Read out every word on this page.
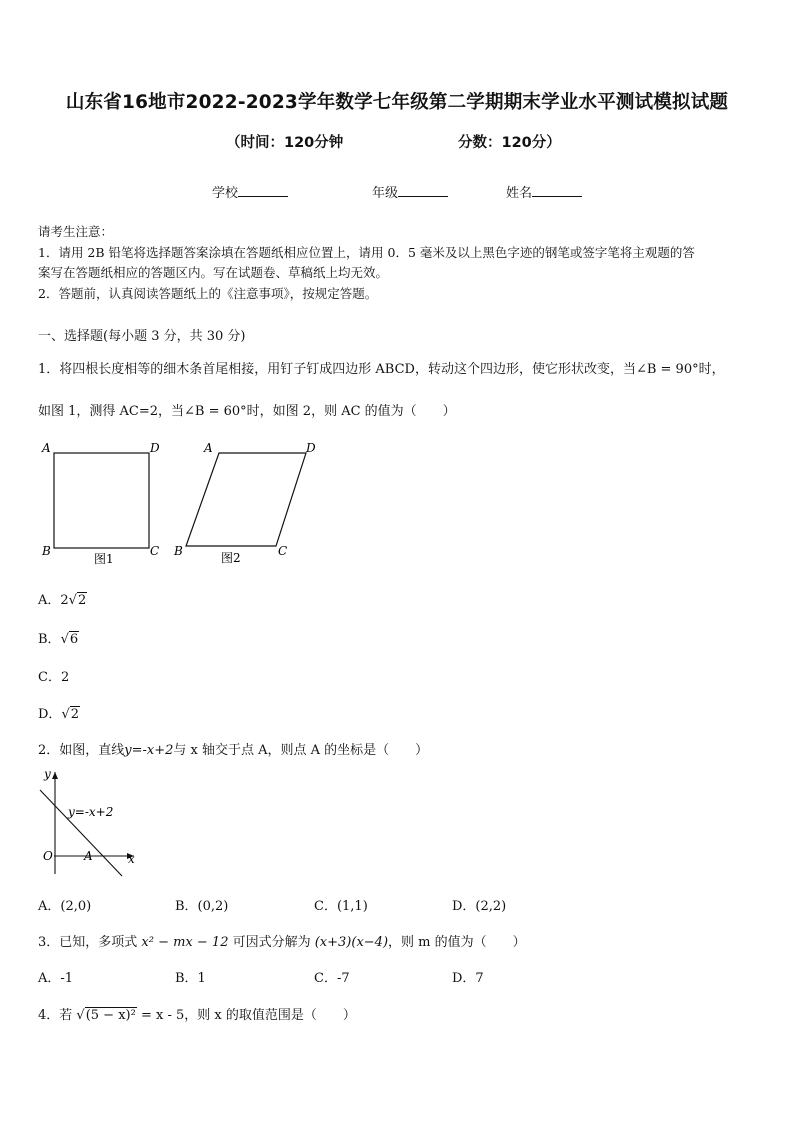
山东省16地市2022-2023学年数学七年级第二学期期末学业水平测试模拟试题
（时间：120分钟	分数：120分）
学校	年级	姓名
请考生注意：
1．请用 2B 铅笔将选择题答案涂填在答题纸相应位置上，请用 0．5 毫米及以上黑色字迹的钢笔或签字笔将主观题的答
案写在答题纸相应的答题区内。写在试题卷、草稿纸上均无效。
2．答题前，认真阅读答题纸上的《注意事项》，按规定答题。
一、选择题(每小题 3 分，共 30 分)
1．将四根长度相等的细木条首尾相接，用钉子钉成四边形 ABCD，转动这个四边形，使它形状改变，当∠B = 90°时，
如图 1，测得 AC=2，当∠B = 60°时，如图 2，则 AC 的值为（　　）
A	D
B	C
图1
A	D
B	C
图2
A．2√2
B．√6
C．2
D．√2
2．如图，直线y=-x+2与 x 轴交于点 A，则点 A 的坐标是（　　）
y
x
O	A
y=-x+2
A．(2,0)	B．(0,2)	C．(1,1)	D．(2,2)
3．已知，多项式 x² − mx − 12 可因式分解为 (x+3)(x−4)，则 m 的值为（　　）
A．-1	B．1	C．-7	D．7
4．若 √(5 − x)² = x - 5，则 x 的取值范围是（　　）
